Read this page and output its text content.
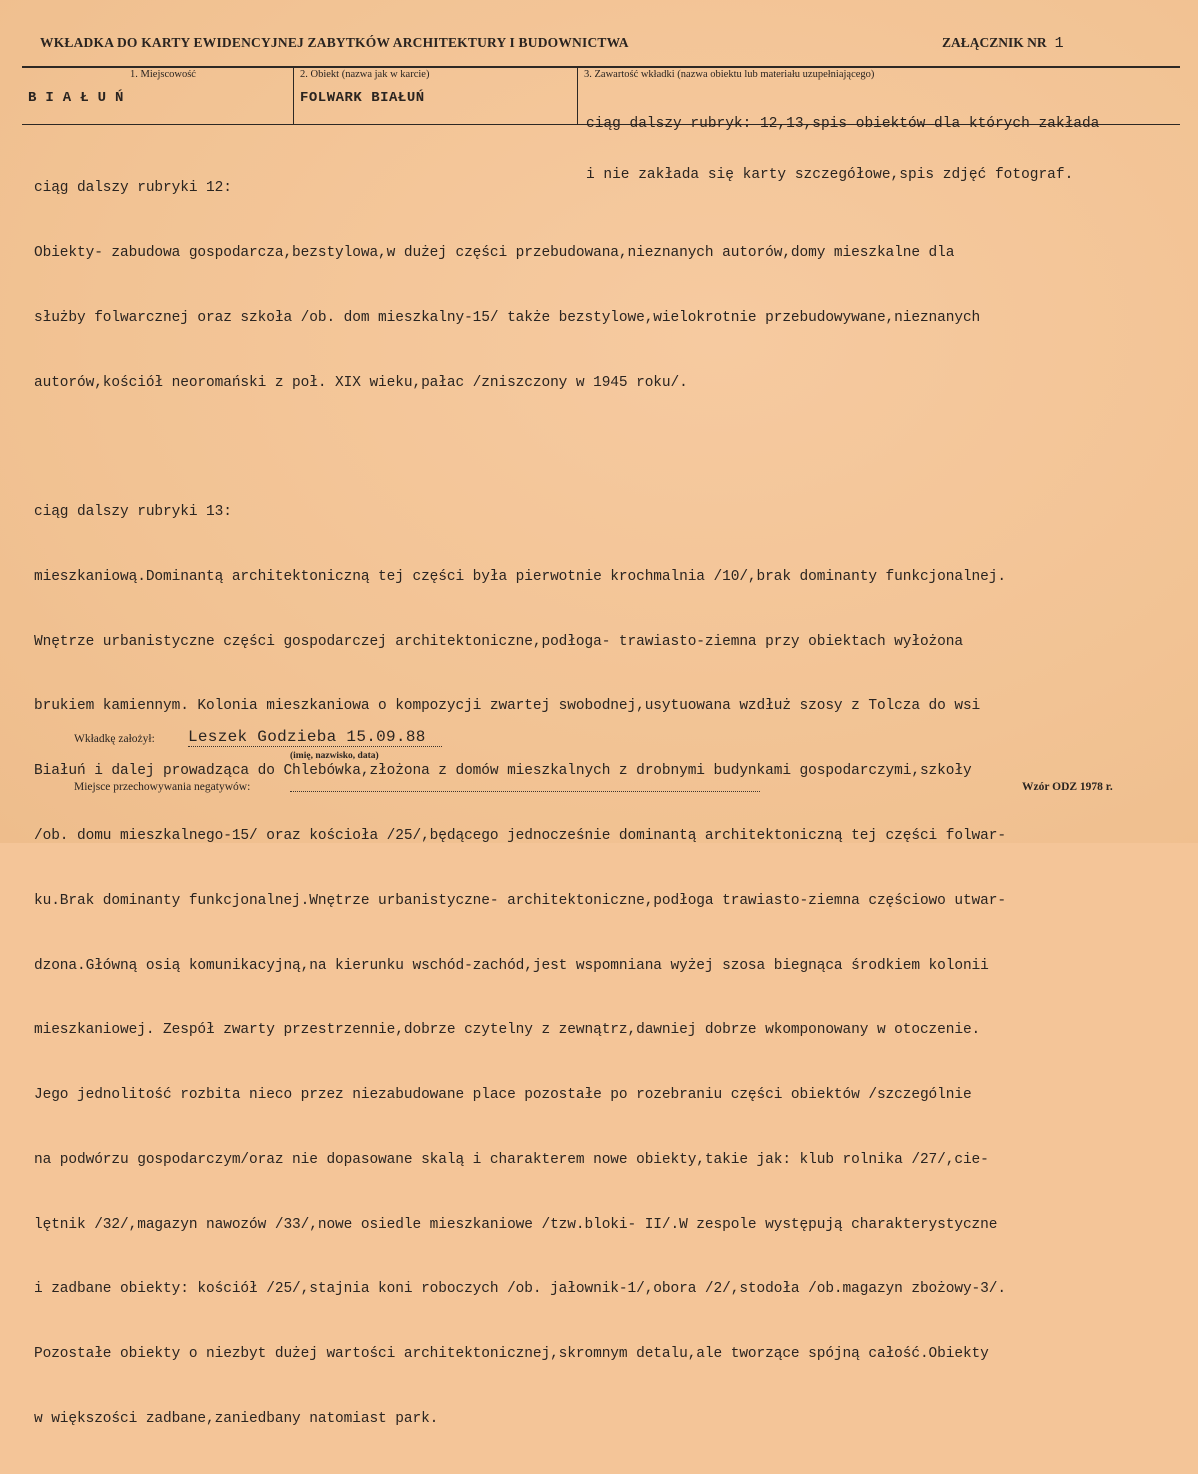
WKŁADKA DO KARTY EWIDENCYJNEJ ZABYTKÓW ARCHITEKTURY I BUDOWNICTWA	ZAŁĄCZNIK NR 1
1. Miejscowość
BIAŁUŃ
2. Obiekt (nazwa jak w karcie)
FOLWARK BIAŁUŃ
3. Zawartość wkładki (nazwa obiektu lub materiału uzupełniającego)

ciąg dalszy rubryk: 12,13,spis obiektów dla których zakłada

i nie zakłada się karty szczegółowe,spis zdjęć fotograf.

ciąg dalszy rubryki 12:

Obiekty- zabudowa gospodarcza,bezstylowa,w dużej części przebudowana,nieznanych autorów,domy mieszkalne dla

służby folwarcznej oraz szkoła /ob. dom mieszkalny-15/ także bezstylowe,wielokrotnie przebudowywane,nieznanych

autorów,kościół neoromański z poł. XIX wieku,pałac /zniszczony w 1945 roku/.

ciąg dalszy rubryki 13:

mieszkaniową.Dominantą architektoniczną tej części była pierwotnie krochmalnia /10/,brak dominanty funkcjonalnej.

Wnętrze urbanistyczne części gospodarczej architektoniczne,podłoga- trawiasto-ziemna przy obiektach wyłożona

brukiem kamiennym. Kolonia mieszkaniowa o kompozycji zwartej swobodnej,usytuowana wzdłuż szosy z Tolcza do wsi

Białuń i dalej prowadząca do Chlebówka,złożona z domów mieszkalnych z drobnymi budynkami gospodarczymi,szkoły

/ob. domu mieszkalnego-15/ oraz kościoła /25/,będącego jednocześnie dominantą architektoniczną tej części folwar-

ku.Brak dominanty funkcjonalnej.Wnętrze urbanistyczne- architektoniczne,podłoga trawiasto-ziemna częściowo utwar-

dzona.Główną osią komunikacyjną,na kierunku wschód-zachód,jest wspomniana wyżej szosa biegnąca środkiem kolonii

mieszkaniowej. Zespół zwarty przestrzennie,dobrze czytelny z zewnątrz,dawniej dobrze wkomponowany w otoczenie.

Jego jednolitość rozbita nieco przez niezabudowane place pozostałe po rozebraniu części obiektów /szczególnie

na podwórzu gospodarczym/oraz nie dopasowane skalą i charakterem nowe obiekty,takie jak: klub rolnika /27/,cie-

lętnik /32/,magazyn nawozów /33/,nowe osiedle mieszkaniowe /tzw.bloki- II/.W zespole występują charakterystyczne

i zadbane obiekty: kościół /25/,stajnia koni roboczych /ob. jałownik-1/,obora /2/,stodoła /ob.magazyn zbożowy-3/.

Pozostałe obiekty o niezbyt dużej wartości architektonicznej,skromnym detalu,ale tworzące spójną całość.Obiekty

w większości zadbane,zaniedbany natomiast park.

Wkładkę założył: Leszek Godzieba 15.09.88
(imię, nazwisko, data)
Miejsce przechowywania negatywów:	Wzór ODZ 1978 r.
